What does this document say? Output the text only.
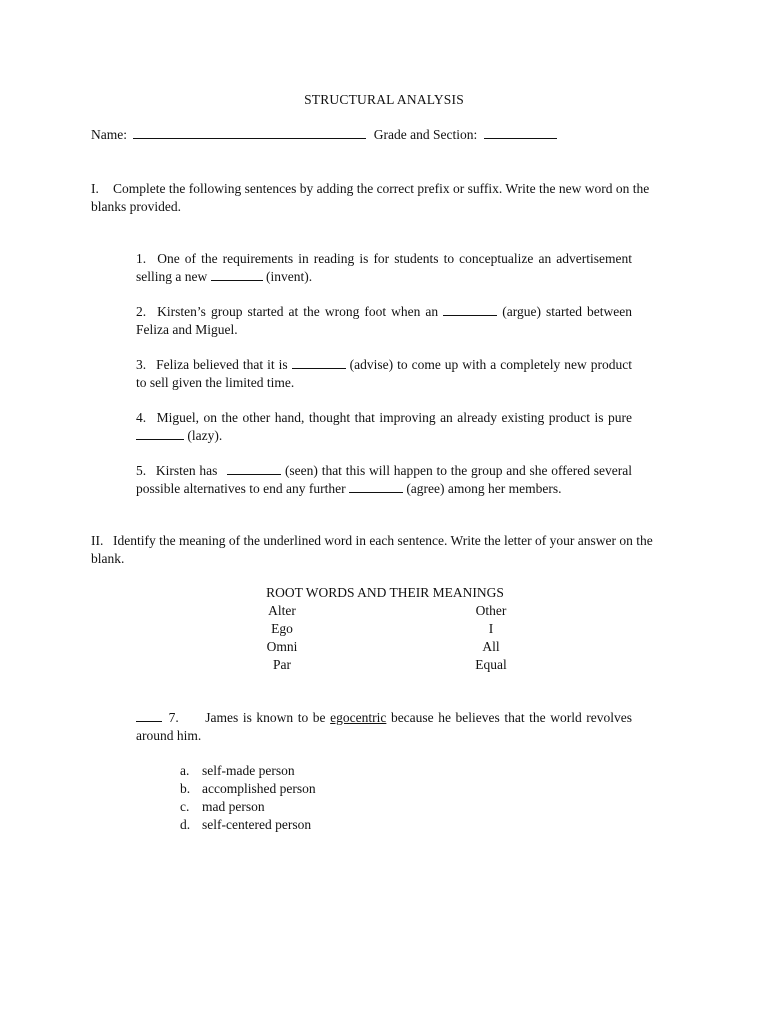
STRUCTURAL ANALYSIS
Name:	Grade and Section:
I. Complete the following sentences by adding the correct prefix or suffix. Write the new word on the blanks provided.
1. One of the requirements in reading is for students to conceptualize an advertisement selling a new	(invent).
2. Kirsten’s group started at the wrong foot when an	(argue) started between Feliza and Miguel.
3. Feliza believed that it is	(advise) to come up with a completely new product to sell given the limited time.
4. Miguel, on the other hand, thought that improving an already existing product is pure  (lazy).
5. Kirsten has	(seen) that this will happen to the group and she offered several possible alternatives to end any further	(agree) among her members.
II. Identify the meaning of the underlined word in each sentence. Write the letter of your answer on the blank.
ROOT WORDS AND THEIR MEANINGS
Alter	Other
Ego	I
Omni	All
Par	Equal
7. James is known to be egocentric because he believes that the world revolves around him.
a. self-made person
b. accomplished person
c. mad person
d. self-centered person
